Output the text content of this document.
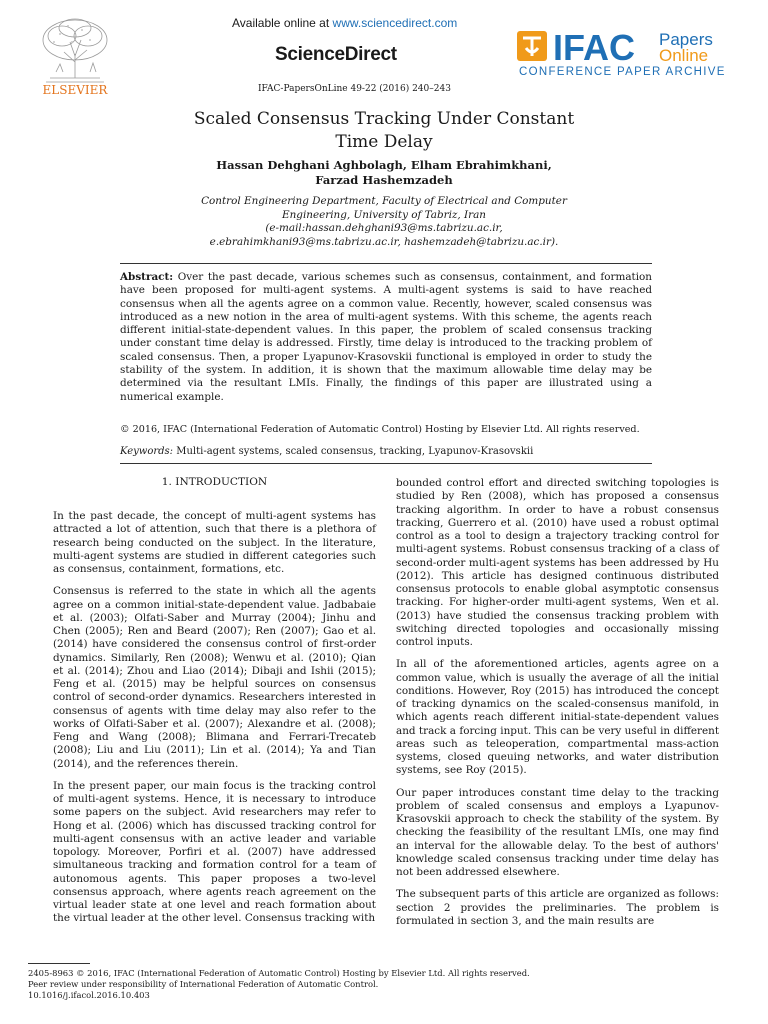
ELSEVIER
Available online at www.sciencedirect.com
ScienceDirect
IFAC-PapersOnLine 49-22 (2016) 240–243
IFAC Papers
Online
CONFERENCE PAPER ARCHIVE
Scaled Consensus Tracking Under Constant
Time Delay
Hassan Dehghani Aghbolagh, Elham Ebrahimkhani,
Farzad Hashemzadeh
Control Engineering Department, Faculty of Electrical and Computer
Engineering, University of Tabriz, Iran
(e-mail:hassan.dehghani93@ms.tabrizu.ac.ir,
e.ebrahimkhani93@ms.tabrizu.ac.ir, hashemzadeh@tabrizu.ac.ir).
Abstract: Over the past decade, various schemes such as consensus, containment, and formation have been proposed for multi-agent systems. A multi-agent systems is said to have reached consensus when all the agents agree on a common value. Recently, however, scaled consensus was introduced as a new notion in the area of multi-agent systems. With this scheme, the agents reach different initial-state-dependent values. In this paper, the problem of scaled consensus tracking under constant time delay is addressed. Firstly, time delay is introduced to the tracking problem of scaled consensus. Then, a proper Lyapunov-Krasovskii functional is employed in order to study the stability of the system. In addition, it is shown that the maximum allowable time delay may be determined via the resultant LMIs. Finally, the findings of this paper are illustrated using a numerical example.
© 2016, IFAC (International Federation of Automatic Control) Hosting by Elsevier Ltd. All rights reserved.
Keywords: Multi-agent systems, scaled consensus, tracking, Lyapunov-Krasovskii
1. INTRODUCTION

In the past decade, the concept of multi-agent systems has attracted a lot of attention, such that there is a plethora of research being conducted on the subject. In the literature, multi-agent systems are studied in different categories such as consensus, containment, formations, etc.

Consensus is referred to the state in which all the agents agree on a common initial-state-dependent value. Jadbabaie et al. (2003); Olfati-Saber and Murray (2004); Jinhu and Chen (2005); Ren and Beard (2007); Ren (2007); Gao et al. (2014) have considered the consensus control of first-order dynamics. Similarly, Ren (2008); Wenwu et al. (2010); Qian et al. (2014); Zhou and Liao (2014); Dibaji and Ishii (2015); Feng et al. (2015) may be helpful sources on consensus control of second-order dynamics. Researchers interested in consensus of agents with time delay may also refer to the works of Olfati-Saber et al. (2007); Alexandre et al. (2008); Feng and Wang (2008); Blimana and Ferrari-Trecateb (2008); Liu and Liu (2011); Lin et al. (2014); Ya and Tian (2014), and the references therein.

In the present paper, our main focus is the tracking control of multi-agent systems. Hence, it is necessary to introduce some papers on the subject. Avid researchers may refer to Hong et al. (2006) which has discussed tracking control for multi-agent consensus with an active leader and variable topology. Moreover, Porfiri et al. (2007) have addressed simultaneous tracking and formation control for a team of autonomous agents. This paper proposes a two-level consensus approach, where agents reach agreement on the virtual leader state at one level and reach formation about the virtual leader at the other level. Consensus tracking with

bounded control effort and directed switching topologies is studied by Ren (2008), which has proposed a consensus tracking algorithm. In order to have a robust consensus tracking, Guerrero et al. (2010) have used a robust optimal control as a tool to design a trajectory tracking control for multi-agent systems. Robust consensus tracking of a class of second-order multi-agent systems has been addressed by Hu (2012). This article has designed continuous distributed consensus protocols to enable global asymptotic consensus tracking. For higher-order multi-agent systems, Wen et al. (2013) have studied the consensus tracking problem with switching directed topologies and occasionally missing control inputs.

In all of the aforementioned articles, agents agree on a common value, which is usually the average of all the initial conditions. However, Roy (2015) has introduced the concept of tracking dynamics on the scaled-consensus manifold, in which agents reach different initial-state-dependent values and track a forcing input. This can be very useful in different areas such as teleoperation, compartmental mass-action systems, closed queuing networks, and water distribution systems, see Roy (2015).

Our paper introduces constant time delay to the tracking problem of scaled consensus and employs a Lyapunov-Krasovskii approach to check the stability of the system. By checking the feasibility of the resultant LMIs, one may find an interval for the allowable delay. To the best of authors' knowledge scaled consensus tracking under time delay has not been addressed elsewhere.

The subsequent parts of this article are organized as follows: section 2 provides the preliminaries. The problem is formulated in section 3, and the main results are

2405-8963 © 2016, IFAC (International Federation of Automatic Control) Hosting by Elsevier Ltd. All rights reserved.
Peer review under responsibility of International Federation of Automatic Control.
10.1016/j.ifacol.2016.10.403
